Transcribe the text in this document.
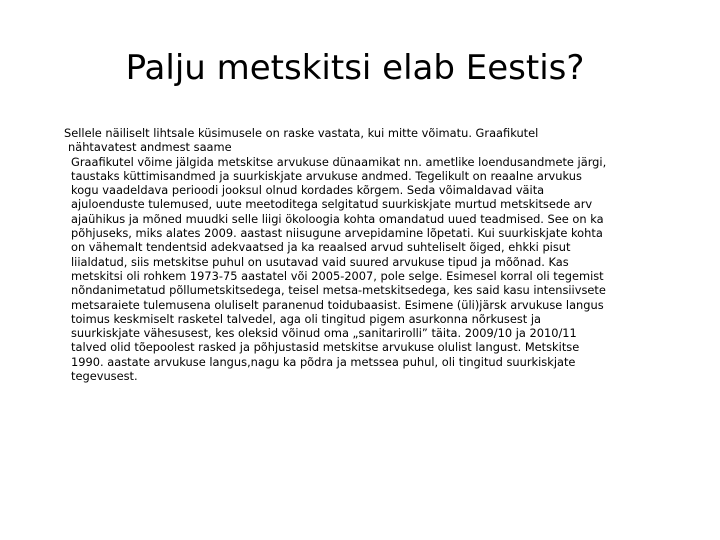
Palju metskitsi elab Eestis?
Sellele näiliselt lihtsale küsimusele on raske vastata, kui mitte võimatu. Graafikutel
nähtavatest andmest saame
Graafikutel võime jälgida metskitse arvukuse dünaamikat nn. ametlike loendusandmete järgi,
taustaks küttimisandmed ja suurkiskjate arvukuse andmed. Tegelikult on reaalne arvukus
kogu vaadeldava perioodi jooksul olnud kordades kõrgem. Seda võimaldavad väita
ajuloenduste tulemused, uute meetoditega selgitatud suurkiskjate murtud metskitsede arv
ajaühikus ja mõned muudki selle liigi ökoloogia kohta omandatud uued teadmised. See on ka
põhjuseks, miks alates 2009. aastast niisugune arvepidamine lõpetati. Kui suurkiskjate kohta
on vähemalt tendentsid adekvaatsed ja ka reaalsed arvud suhteliselt õiged, ehkki pisut
liialdatud, siis metskitse puhul on usutavad vaid suured arvukuse tipud ja mõõnad. Kas
metskitsi oli rohkem 1973-75 aastatel või 2005-2007, pole selge. Esimesel korral oli tegemist
nõndanimetatud põllumetskitsedega, teisel metsa-metskitsedega, kes said kasu intensiivsete
metsaraiete tulemusena oluliselt paranenud toidubaasist. Esimene (üli)järsk arvukuse langus
toimus keskmiselt rasketel talvedel, aga oli tingitud pigem asurkonna nõrkusest ja
suurkiskjate vähesusest, kes oleksid võinud oma „sanitarirolli” täita. 2009/10 ja 2010/11
talved olid tõepoolest rasked ja põhjustasid metskitse arvukuse olulist langust. Metskitse
1990. aastate arvukuse langus,nagu ka põdra ja metssea puhul, oli tingitud suurkiskjate
tegevusest.
